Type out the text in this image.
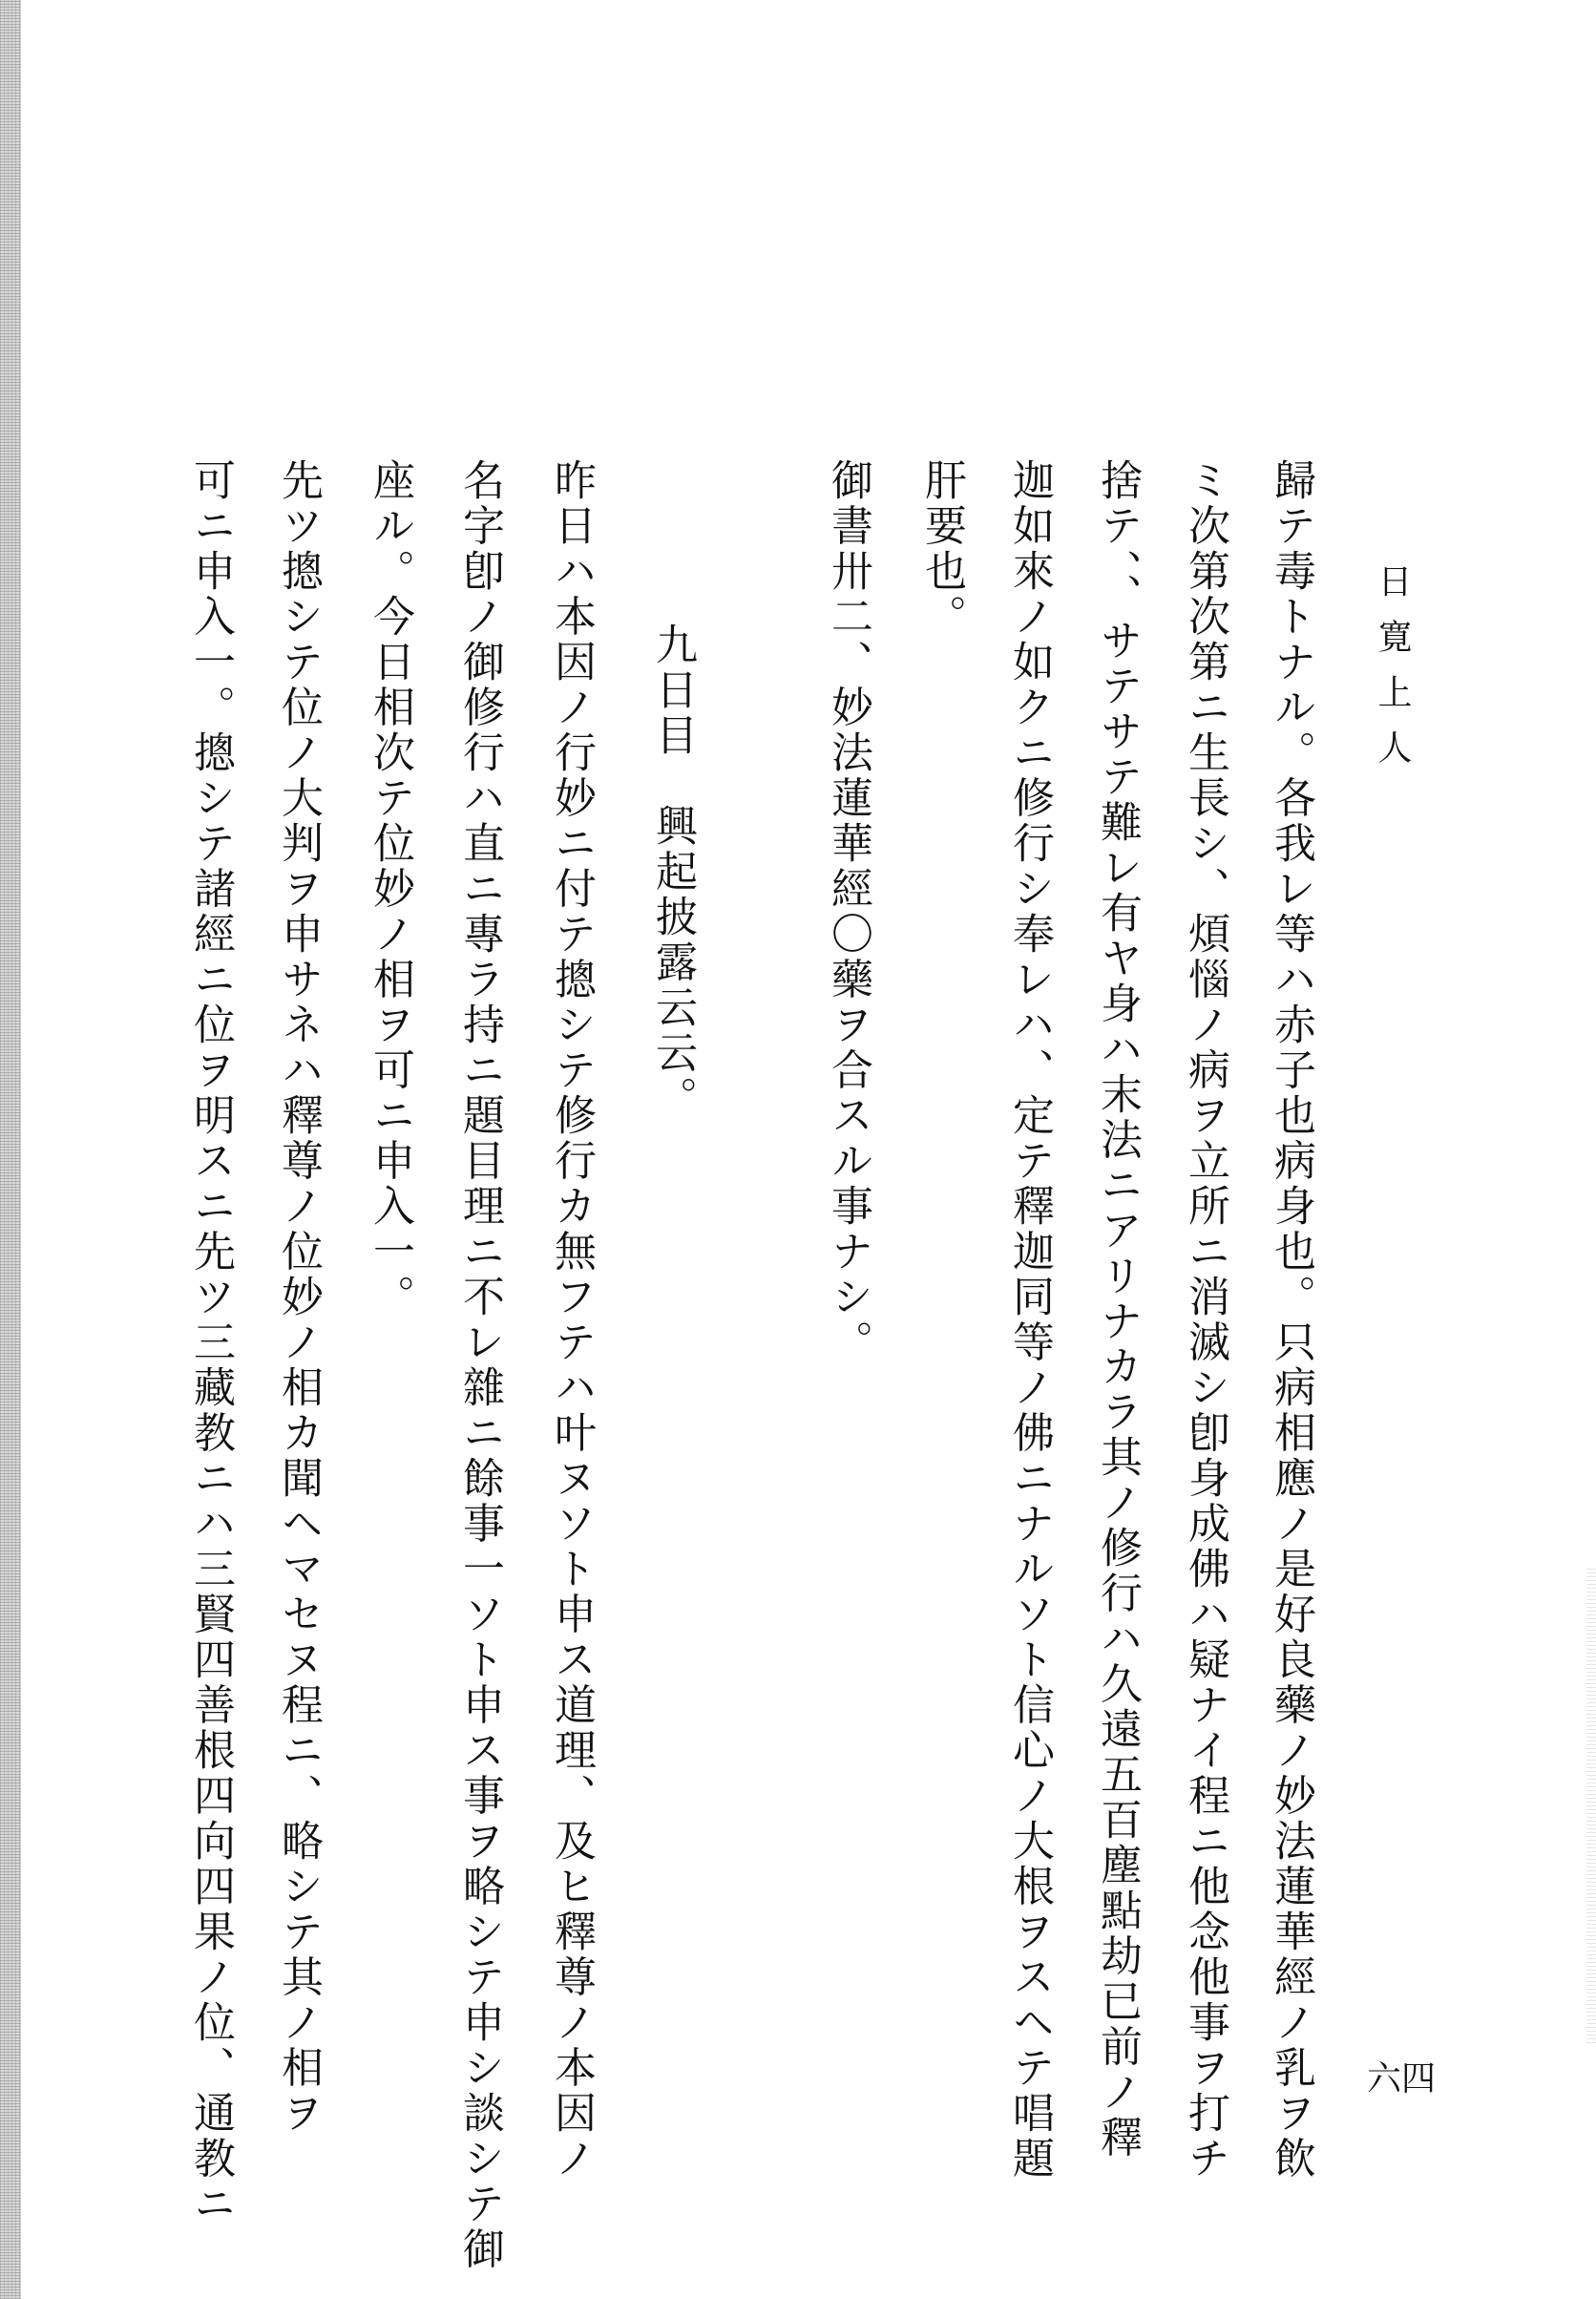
日寛上人
六四

歸テ毒トナル。各我レ等ハ赤子也病身也。只病相應ノ是好良藥ノ妙法蓮華經ノ乳ヲ飲

ミ次第次第ニ生長シ、煩惱ノ病ヲ立所ニ消滅シ卽身成佛ハ疑ナイ程ニ他念他事ヲ打チ

捨テ、、サテサテ難レ有ヤ身ハ末法ニアリナカラ其ノ修行ハ久遠五百塵點劫已前ノ釋

迦如來ノ如クニ修行シ奉レハ、定テ釋迦同等ノ佛ニナルソト信心ノ大根ヲスヘテ唱題

肝要也。

御書卅二、妙法蓮華經〇藥ヲ合スル事ナシ。

九日目　興起披露云云。

昨日ハ本因ノ行妙ニ付テ摠シテ修行カ無フテハ叶ヌソト申ス道理、及ヒ釋尊ノ本因ノ

名字卽ノ御修行ハ直ニ專ラ持ニ題目理ニ不レ雜ニ餘事一ソト申ス事ヲ略シテ申シ談シテ御

座ル。今日相次テ位妙ノ相ヲ可ニ申入一。

先ツ摠シテ位ノ大判ヲ申サネハ釋尊ノ位妙ノ相カ聞ヘマセヌ程ニ、略シテ其ノ相ヲ

可ニ申入一。摠シテ諸經ニ位ヲ明スニ先ツ三藏教ニハ三賢四善根四向四果ノ位、通教ニ
